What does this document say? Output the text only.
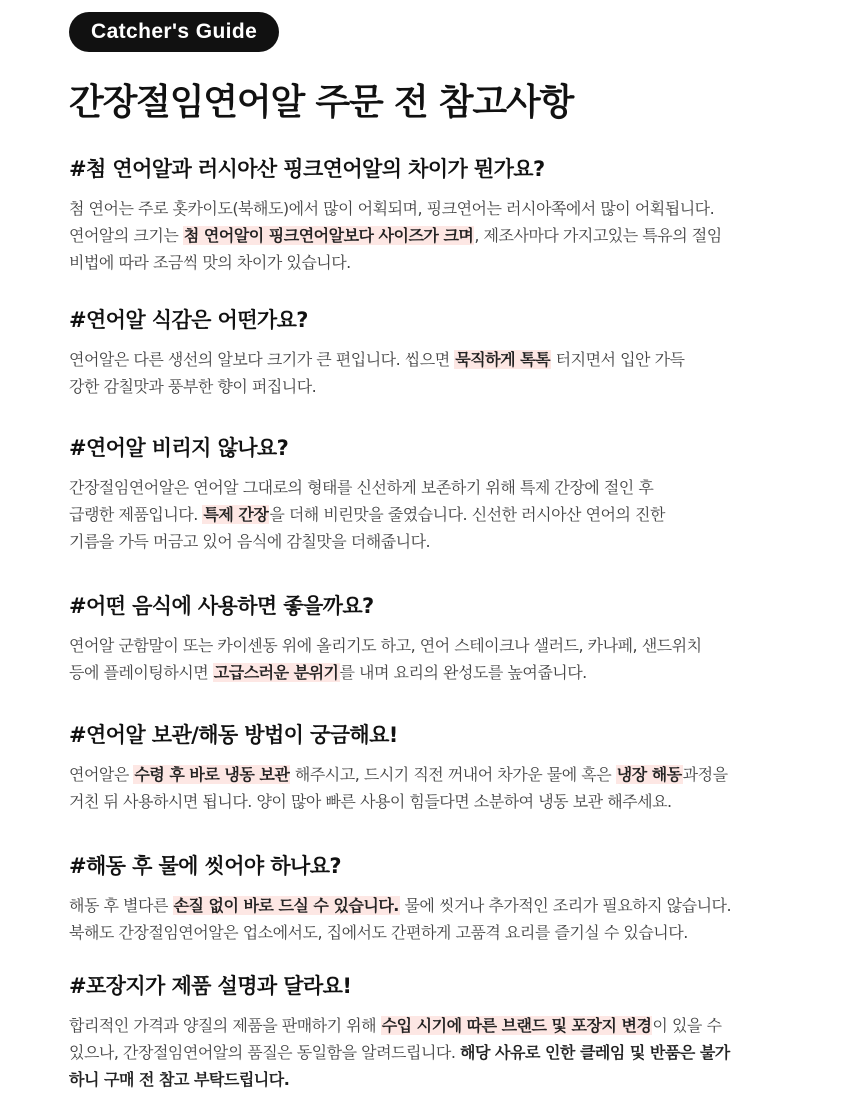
Catcher's Guide
간장절임연어알 주문 전 참고사항
#첨 연어알과 러시아산 핑크연어알의 차이가 뭔가요?
첨 연어는 주로 홋카이도(북해도)에서 많이 어획되며, 핑크연어는 러시아쪽에서 많이 어획됩니다.
연어알의 크기는 첨 연어알이 핑크연어알보다 사이즈가 크며, 제조사마다 가지고있는 특유의 절임
비법에 따라 조금씩 맛의 차이가 있습니다.
#연어알 식감은 어떤가요?
연어알은 다른 생선의 알보다 크기가 큰 편입니다. 씹으면 묵직하게 톡톡 터지면서 입안 가득
강한 감칠맛과 풍부한 향이 퍼집니다.
#연어알 비리지 않나요?
간장절임연어알은 연어알 그대로의 형태를 신선하게 보존하기 위해 특제 간장에 절인 후
급랭한 제품입니다. 특제 간장을 더해 비린맛을 줄였습니다. 신선한 러시아산 연어의 진한
기름을 가득 머금고 있어 음식에 감칠맛을 더해줍니다.
#어떤 음식에 사용하면 좋을까요?
연어알 군함말이 또는 카이센동 위에 올리기도 하고, 연어 스테이크나 샐러드, 카나페, 샌드위치
등에 플레이팅하시면 고급스러운 분위기를 내며 요리의 완성도를 높여줍니다.
#연어알 보관/해동 방법이 궁금해요!
연어알은 수령 후 바로 냉동 보관 해주시고, 드시기 직전 꺼내어 차가운 물에 혹은 냉장 해동과정을
거친 뒤 사용하시면 됩니다. 양이 많아 빠른 사용이 힘들다면 소분하여 냉동 보관 해주세요.
#해동 후 물에 씻어야 하나요?
해동 후 별다른 손질 없이 바로 드실 수 있습니다. 물에 씻거나 추가적인 조리가 필요하지 않습니다.
북해도 간장절임연어알은 업소에서도, 집에서도 간편하게 고품격 요리를 즐기실 수 있습니다.
#포장지가 제품 설명과 달라요!
합리적인 가격과 양질의 제품을 판매하기 위해 수입 시기에 따른 브랜드 및 포장지 변경이 있을 수
있으나, 간장절임연어알의 품질은 동일함을 알려드립니다. 해당 사유로 인한 클레임 및 반품은 불가
하니 구매 전 참고 부탁드립니다.
